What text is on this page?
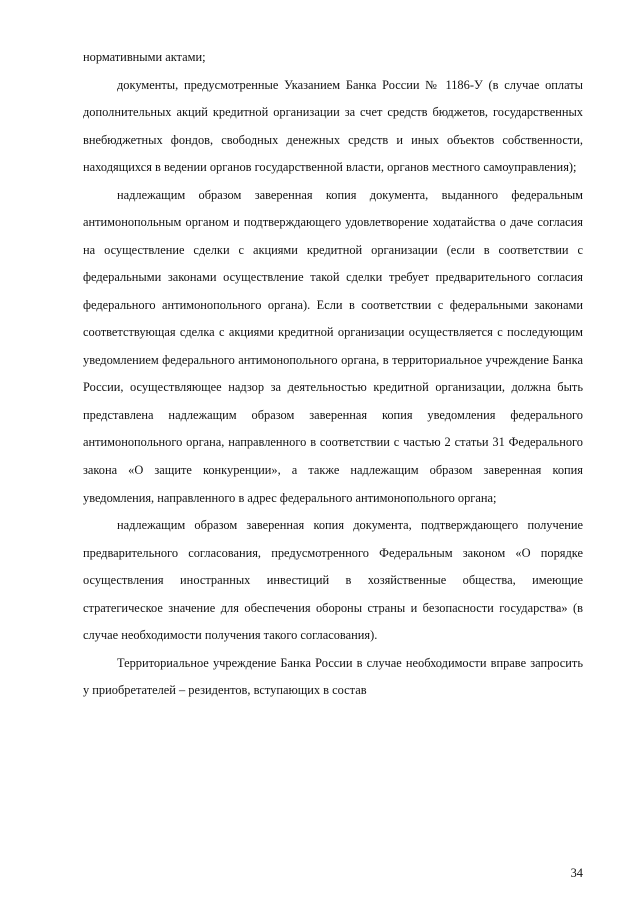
нормативными актами;

документы, предусмотренные Указанием Банка России № 1186-У (в случае оплаты дополнительных акций кредитной организации за счет средств бюджетов, государственных внебюджетных фондов, свободных денежных средств и иных объектов собственности, находящихся в ведении органов государственной власти, органов местного самоуправления);

надлежащим образом заверенная копия документа, выданного федеральным антимонопольным органом и подтверждающего удовлетворение ходатайства о даче согласия на осуществление сделки с акциями кредитной организации (если в соответствии с федеральными законами осуществление такой сделки требует предварительного согласия федерального антимонопольного органа). Если в соответствии с федеральными законами соответствующая сделка с акциями кредитной организации осуществляется с последующим уведомлением федерального антимонопольного органа, в территориальное учреждение Банка России, осуществляющее надзор за деятельностью кредитной организации, должна быть представлена надлежащим образом заверенная копия уведомления федерального антимонопольного органа, направленного в соответствии с частью 2 статьи 31 Федерального закона «О защите конкуренции», а также надлежащим образом заверенная копия уведомления, направленного в адрес федерального антимонопольного органа;

надлежащим образом заверенная копия документа, подтверждающего получение предварительного согласования, предусмотренного Федеральным законом «О порядке осуществления иностранных инвестиций в хозяйственные общества, имеющие стратегическое значение для обеспечения обороны страны и безопасности государства» (в случае необходимости получения такого согласования).

Территориальное учреждение Банка России в случае необходимости вправе запросить у приобретателей – резидентов, вступающих в состав

34
